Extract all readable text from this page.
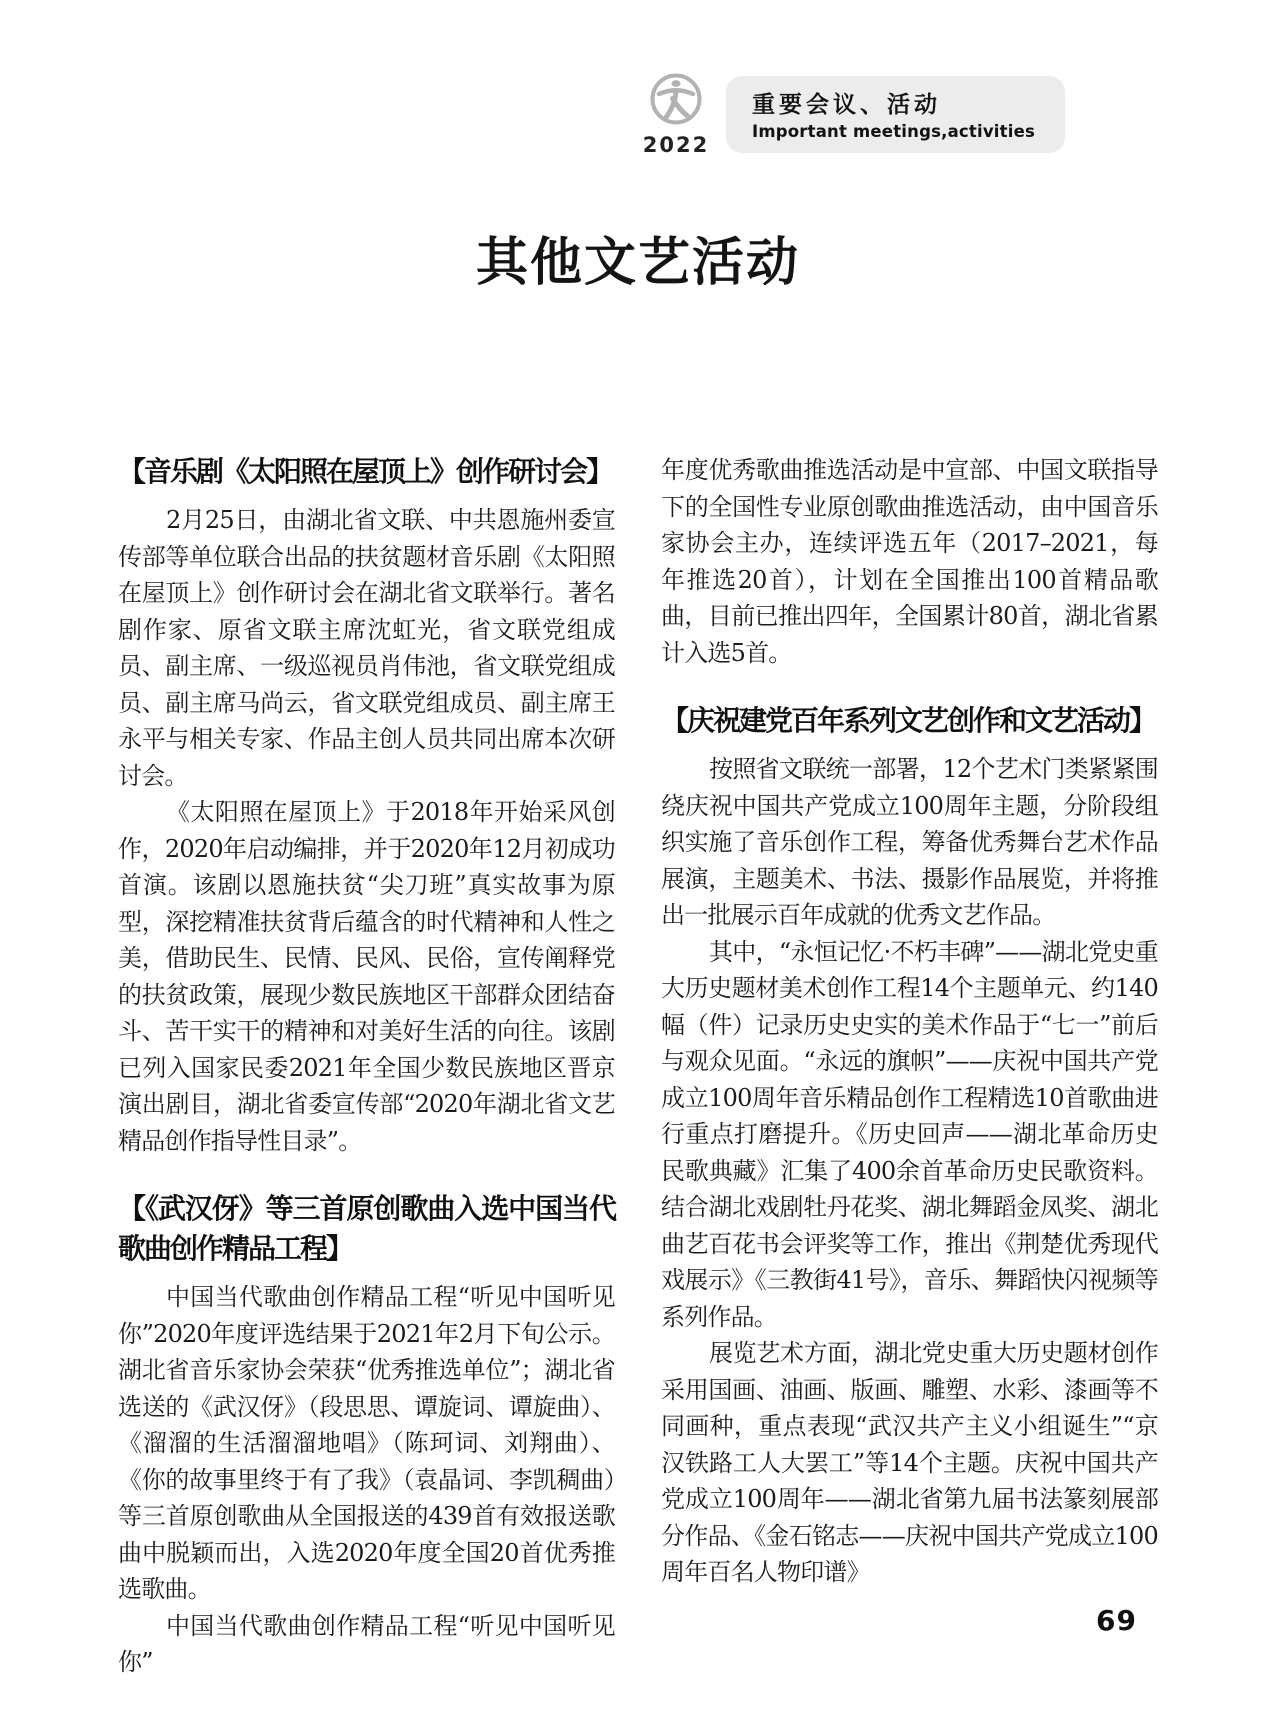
2022
重要会议、活动
Important meetings,activities
其他文艺活动
【音乐剧《太阳照在屋顶上》创作研讨会】

2月25日，由湖北省文联、中共恩施州委宣传部等单位联合出品的扶贫题材音乐剧《太阳照在屋顶上》创作研讨会在湖北省文联举行。著名剧作家、原省文联主席沈虹光，省文联党组成员、副主席、一级巡视员肖伟池，省文联党组成员、副主席马尚云，省文联党组成员、副主席王永平与相关专家、作品主创人员共同出席本次研讨会。

《太阳照在屋顶上》于2018年开始采风创作，2020年启动编排，并于2020年12月初成功首演。该剧以恩施扶贫“尖刀班”真实故事为原型，深挖精准扶贫背后蕴含的时代精神和人性之美，借助民生、民情、民风、民俗，宣传阐释党的扶贫政策，展现少数民族地区干部群众团结奋斗、苦干实干的精神和对美好生活的向往。该剧已列入国家民委2021年全国少数民族地区晋京演出剧目，湖北省委宣传部“2020年湖北省文艺精品创作指导性目录”。

【《武汉伢》等三首原创歌曲入选中国当代歌曲创作精品工程】

中国当代歌曲创作精品工程“听见中国听见你”2020年度评选结果于2021年2月下旬公示。湖北省音乐家协会荣获“优秀推选单位”；湖北省选送的《武汉伢》（段思思、谭旋词、谭旋曲）、《溜溜的生活溜溜地唱》（陈珂词、刘翔曲）、《你的故事里终于有了我》（袁晶词、李凯稠曲）等三首原创歌曲从全国报送的439首有效报送歌曲中脱颖而出，入选2020年度全国20首优秀推选歌曲。

中国当代歌曲创作精品工程“听见中国听见你”

年度优秀歌曲推选活动是中宣部、中国文联指导下的全国性专业原创歌曲推选活动，由中国音乐家协会主办，连续评选五年（2017–2021，每年推选20首），计划在全国推出100首精品歌曲，目前已推出四年，全国累计80首，湖北省累计入选5首。

【庆祝建党百年系列文艺创作和文艺活动】

按照省文联统一部署，12个艺术门类紧紧围绕庆祝中国共产党成立100周年主题，分阶段组织实施了音乐创作工程，筹备优秀舞台艺术作品展演，主题美术、书法、摄影作品展览，并将推出一批展示百年成就的优秀文艺作品。

其中，“永恒记忆·不朽丰碑”——湖北党史重大历史题材美术创作工程14个主题单元、约140幅（件）记录历史史实的美术作品于“七一”前后与观众见面。“永远的旗帜”——庆祝中国共产党成立100周年音乐精品创作工程精选10首歌曲进行重点打磨提升。《历史回声——湖北革命历史民歌典藏》汇集了400余首革命历史民歌资料。结合湖北戏剧牡丹花奖、湖北舞蹈金凤奖、湖北曲艺百花书会评奖等工作，推出《荆楚优秀现代戏展示》《三教街41号》，音乐、舞蹈快闪视频等系列作品。

展览艺术方面，湖北党史重大历史题材创作采用国画、油画、版画、雕塑、水彩、漆画等不同画种，重点表现“武汉共产主义小组诞生”“京汉铁路工人大罢工”等14个主题。庆祝中国共产党成立100周年——湖北省第九届书法篆刻展部分作品、《金石铭志——庆祝中国共产党成立100周年百名人物印谱》

69
